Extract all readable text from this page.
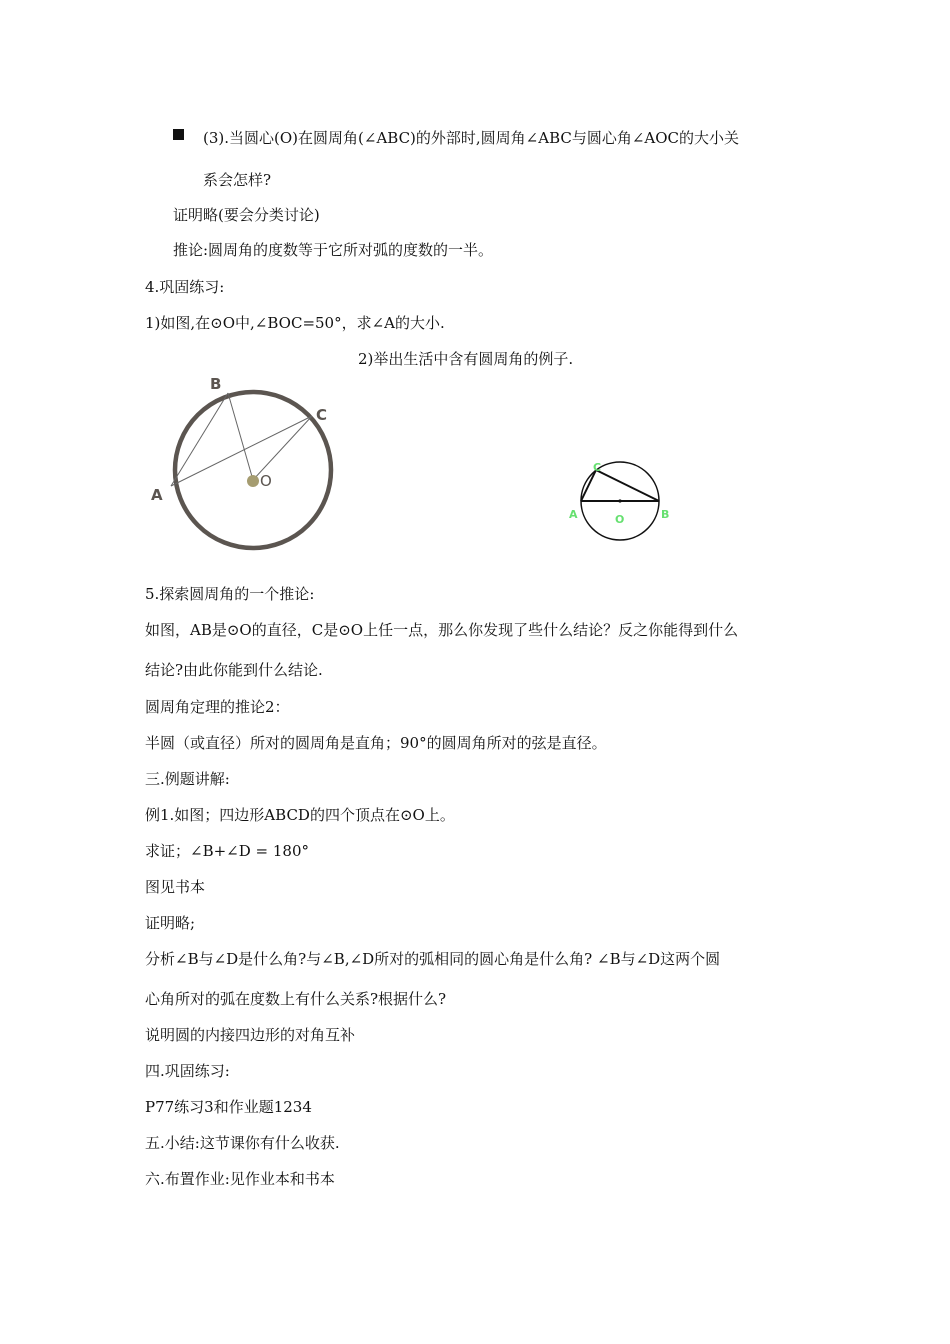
(3).当圆心(O)在圆周角(∠ABC)的外部时,圆周角∠ABC与圆心角∠AOC的大小关
系会怎样?
证明略(要会分类讨论)
推论:圆周角的度数等于它所对弧的度数的一半。
4.巩固练习:
1)如图,在⊙O中,∠BOC=50°，求∠A的大小.
2)举出生活中含有圆周角的例子.
B
C
A
O
C
A	O	B
5.探索圆周角的一个推论:
如图，AB是⊙O的直径，C是⊙O上任一点，那么你发现了些什么结论？反之你能得到什么
结论?由此你能到什么结论.
圆周角定理的推论2：
半圆（或直径）所对的圆周角是直角；90°的圆周角所对的弦是直径。
三.例题讲解:
例1.如图；四边形ABCD的四个顶点在⊙O上。
求证；∠B+∠D = 180°
图见书本
证明略;
分析∠B与∠D是什么角?与∠B,∠D所对的弧相同的圆心角是什么角? ∠B与∠D这两个圆
心角所对的弧在度数上有什么关系?根据什么?
说明圆的内接四边形的对角互补
四.巩固练习:
P77练习3和作业题1234
五.小结:这节课你有什么收获.
六.布置作业:见作业本和书本
